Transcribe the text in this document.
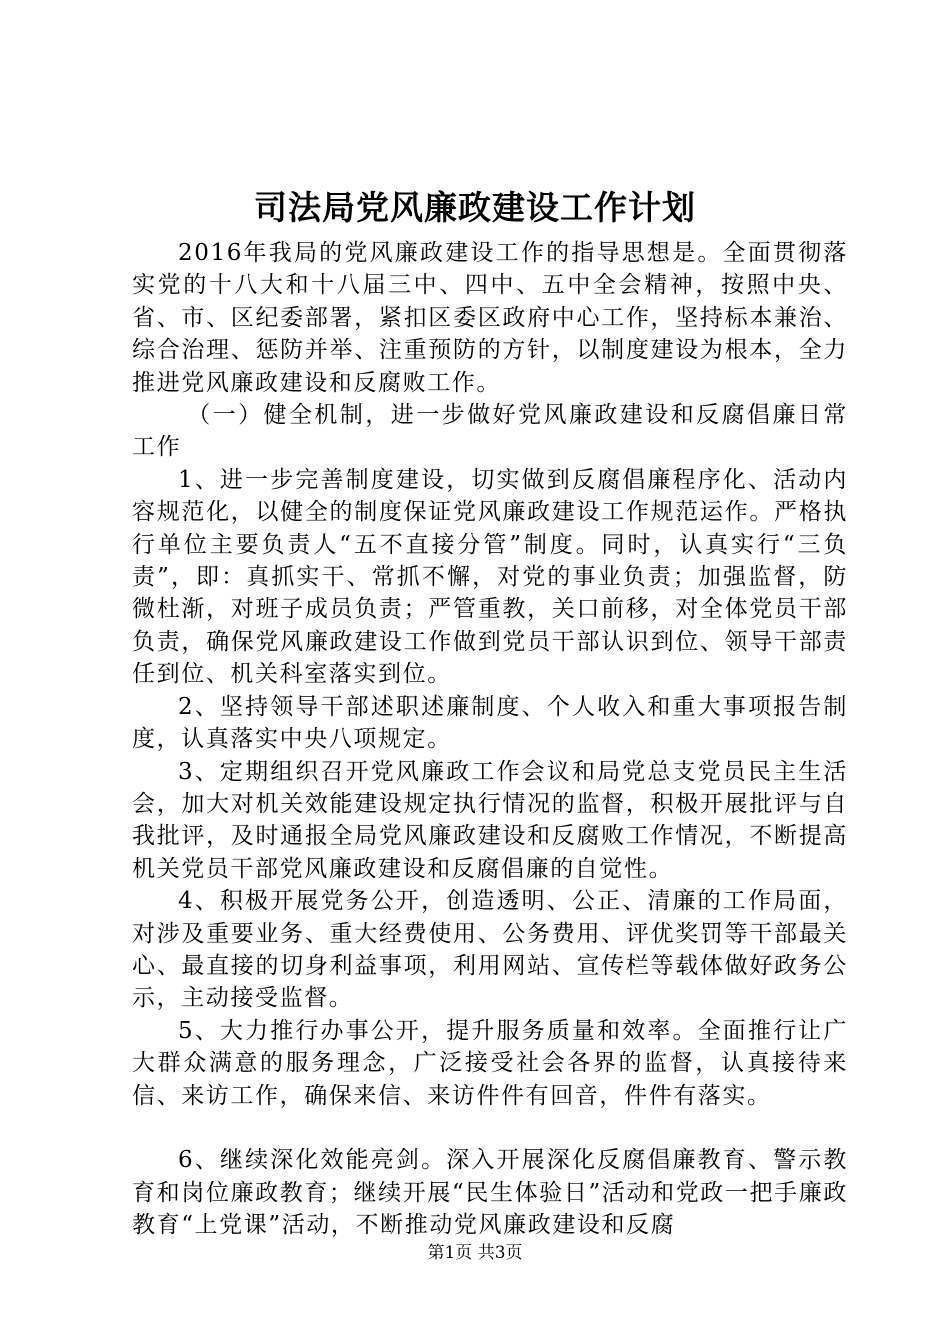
司法局党风廉政建设工作计划

2016年我局的党风廉政建设工作的指导思想是。全面贯彻落实党的十八大和十八届三中、四中、五中全会精神，按照中央、省、市、区纪委部署，紧扣区委区政府中心工作，坚持标本兼治、综合治理、惩防并举、注重预防的方针，以制度建设为根本，全力推进党风廉政建设和反腐败工作。

（一）健全机制，进一步做好党风廉政建设和反腐倡廉日常工作

1、进一步完善制度建设，切实做到反腐倡廉程序化、活动内容规范化，以健全的制度保证党风廉政建设工作规范运作。严格执行单位主要负责人“五不直接分管”制度。同时，认真实行“三负责”，即：真抓实干、常抓不懈，对党的事业负责；加强监督，防微杜渐，对班子成员负责；严管重教，关口前移，对全体党员干部负责，确保党风廉政建设工作做到党员干部认识到位、领导干部责任到位、机关科室落实到位。

2、坚持领导干部述职述廉制度、个人收入和重大事项报告制度，认真落实中央八项规定。

3、定期组织召开党风廉政工作会议和局党总支党员民主生活会，加大对机关效能建设规定执行情况的监督，积极开展批评与自我批评，及时通报全局党风廉政建设和反腐败工作情况，不断提高机关党员干部党风廉政建设和反腐倡廉的自觉性。

4、积极开展党务公开，创造透明、公正、清廉的工作局面，对涉及重要业务、重大经费使用、公务费用、评优奖罚等干部最关心、最直接的切身利益事项，利用网站、宣传栏等载体做好政务公示，主动接受监督。

5、大力推行办事公开，提升服务质量和效率。全面推行让广大群众满意的服务理念，广泛接受社会各界的监督，认真接待来信、来访工作，确保来信、来访件件有回音，件件有落实。

6、继续深化效能亮剑。深入开展深化反腐倡廉教育、警示教育和岗位廉政教育；继续开展“民生体验日”活动和党政一把手廉政教育“上党课”活动，不断推动党风廉政建设和反腐

第1页 共3页
